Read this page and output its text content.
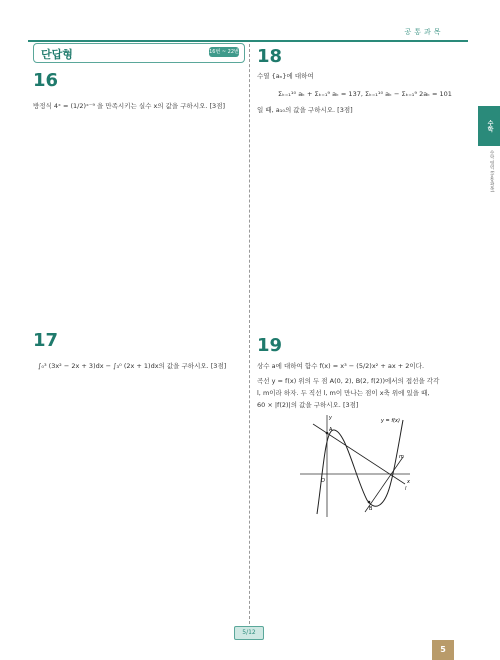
공통과목
단답형	16번 ~ 22번
16
방정식 4ˣ = (1/2)ˣ⁻⁹ 을 만족시키는 실수 x의 값을 구하시오. [3점]
17
∫₀³ (3x² − 2x + 3)dx − ∫₃⁰ (2x + 1)dx의 값을 구하시오. [3점]
18
수열 {aₙ}에 대하여
Σₖ₌₁¹⁰ aₖ + Σₖ₌₁⁹ aₖ = 137, Σₖ₌₁¹⁰ aₖ − Σₖ₌₁⁹ 2aₖ = 101
일 때, a₁₀의 값을 구하시오. [3점]
19
상수 a에 대하여 함수 f(x) = x³ − (5/2)x² + ax + 2이다.
곡선 y = f(x) 위의 두 점 A(0, 2), B(2, f(2))에서의 접선을 각각
l, m이라 하자. 두 직선 l, m이 만나는 점이 x축 위에 있을 때,
60 × |f(2)|의 값을 구하시오. [3점]
x
y
O
A
B
l
m
y = f(x)
수학
수학 영역 (공통과목)
5/12
5
